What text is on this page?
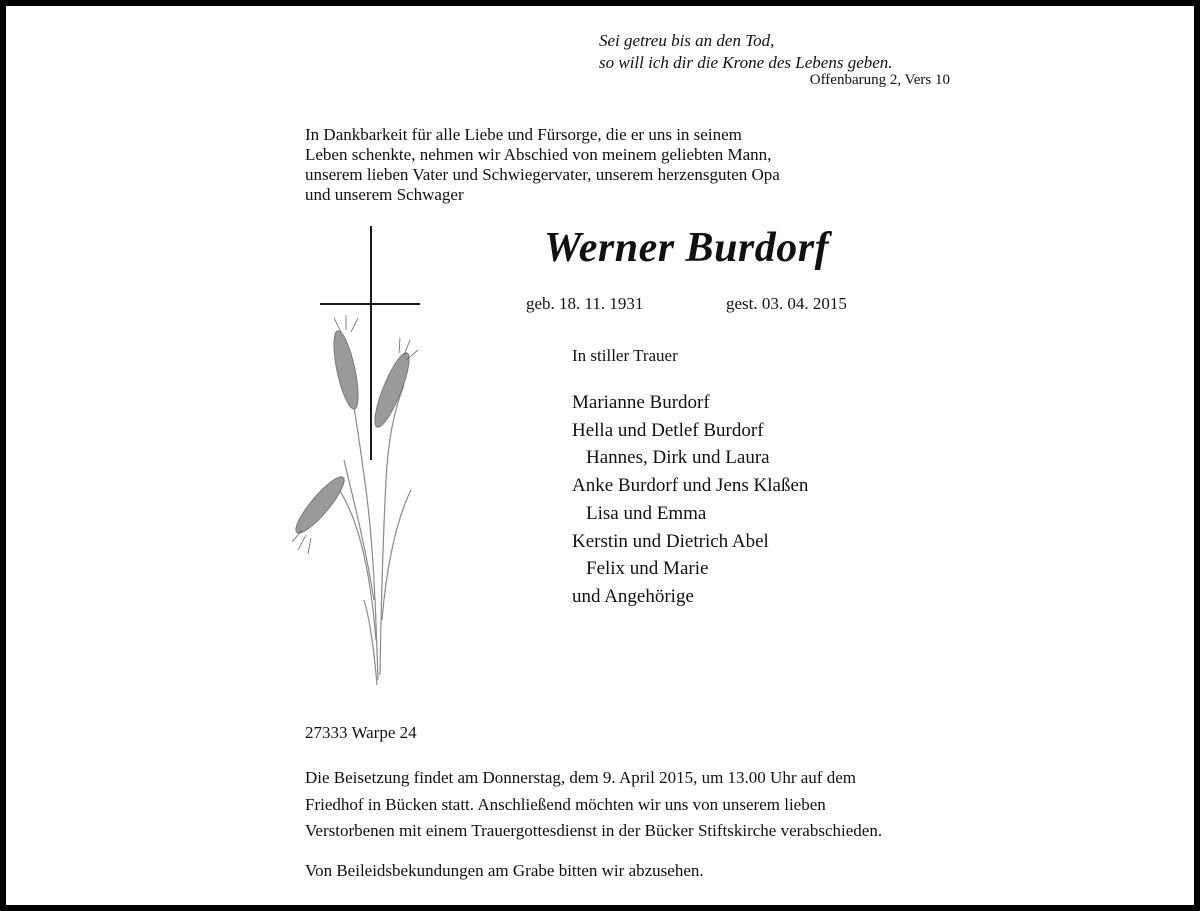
Sei getreu bis an den Tod,
so will ich dir die Krone des Lebens geben.
Offenbarung 2, Vers 10
In Dankbarkeit für alle Liebe und Fürsorge, die er uns in seinem
Leben schenkte, nehmen wir Abschied von meinem geliebten Mann,
unserem lieben Vater und Schwiegervater, unserem herzensguten Opa
und unserem Schwager
Werner Burdorf
geb. 18. 11. 1931	gest. 03. 04. 2015
In stiller Trauer
Marianne Burdorf
Hella und Detlef Burdorf
Hannes, Dirk und Laura
Anke Burdorf und Jens Klaßen
Lisa und Emma
Kerstin und Dietrich Abel
Felix und Marie
und Angehörige
27333 Warpe 24
Die Beisetzung findet am Donnerstag, dem 9. April 2015, um 13.00 Uhr auf dem
Friedhof in Bücken statt. Anschließend möchten wir uns von unserem lieben
Verstorbenen mit einem Trauergottesdienst in der Bücker Stiftskirche verabschieden.
Von Beileidsbekundungen am Grabe bitten wir abzusehen.
